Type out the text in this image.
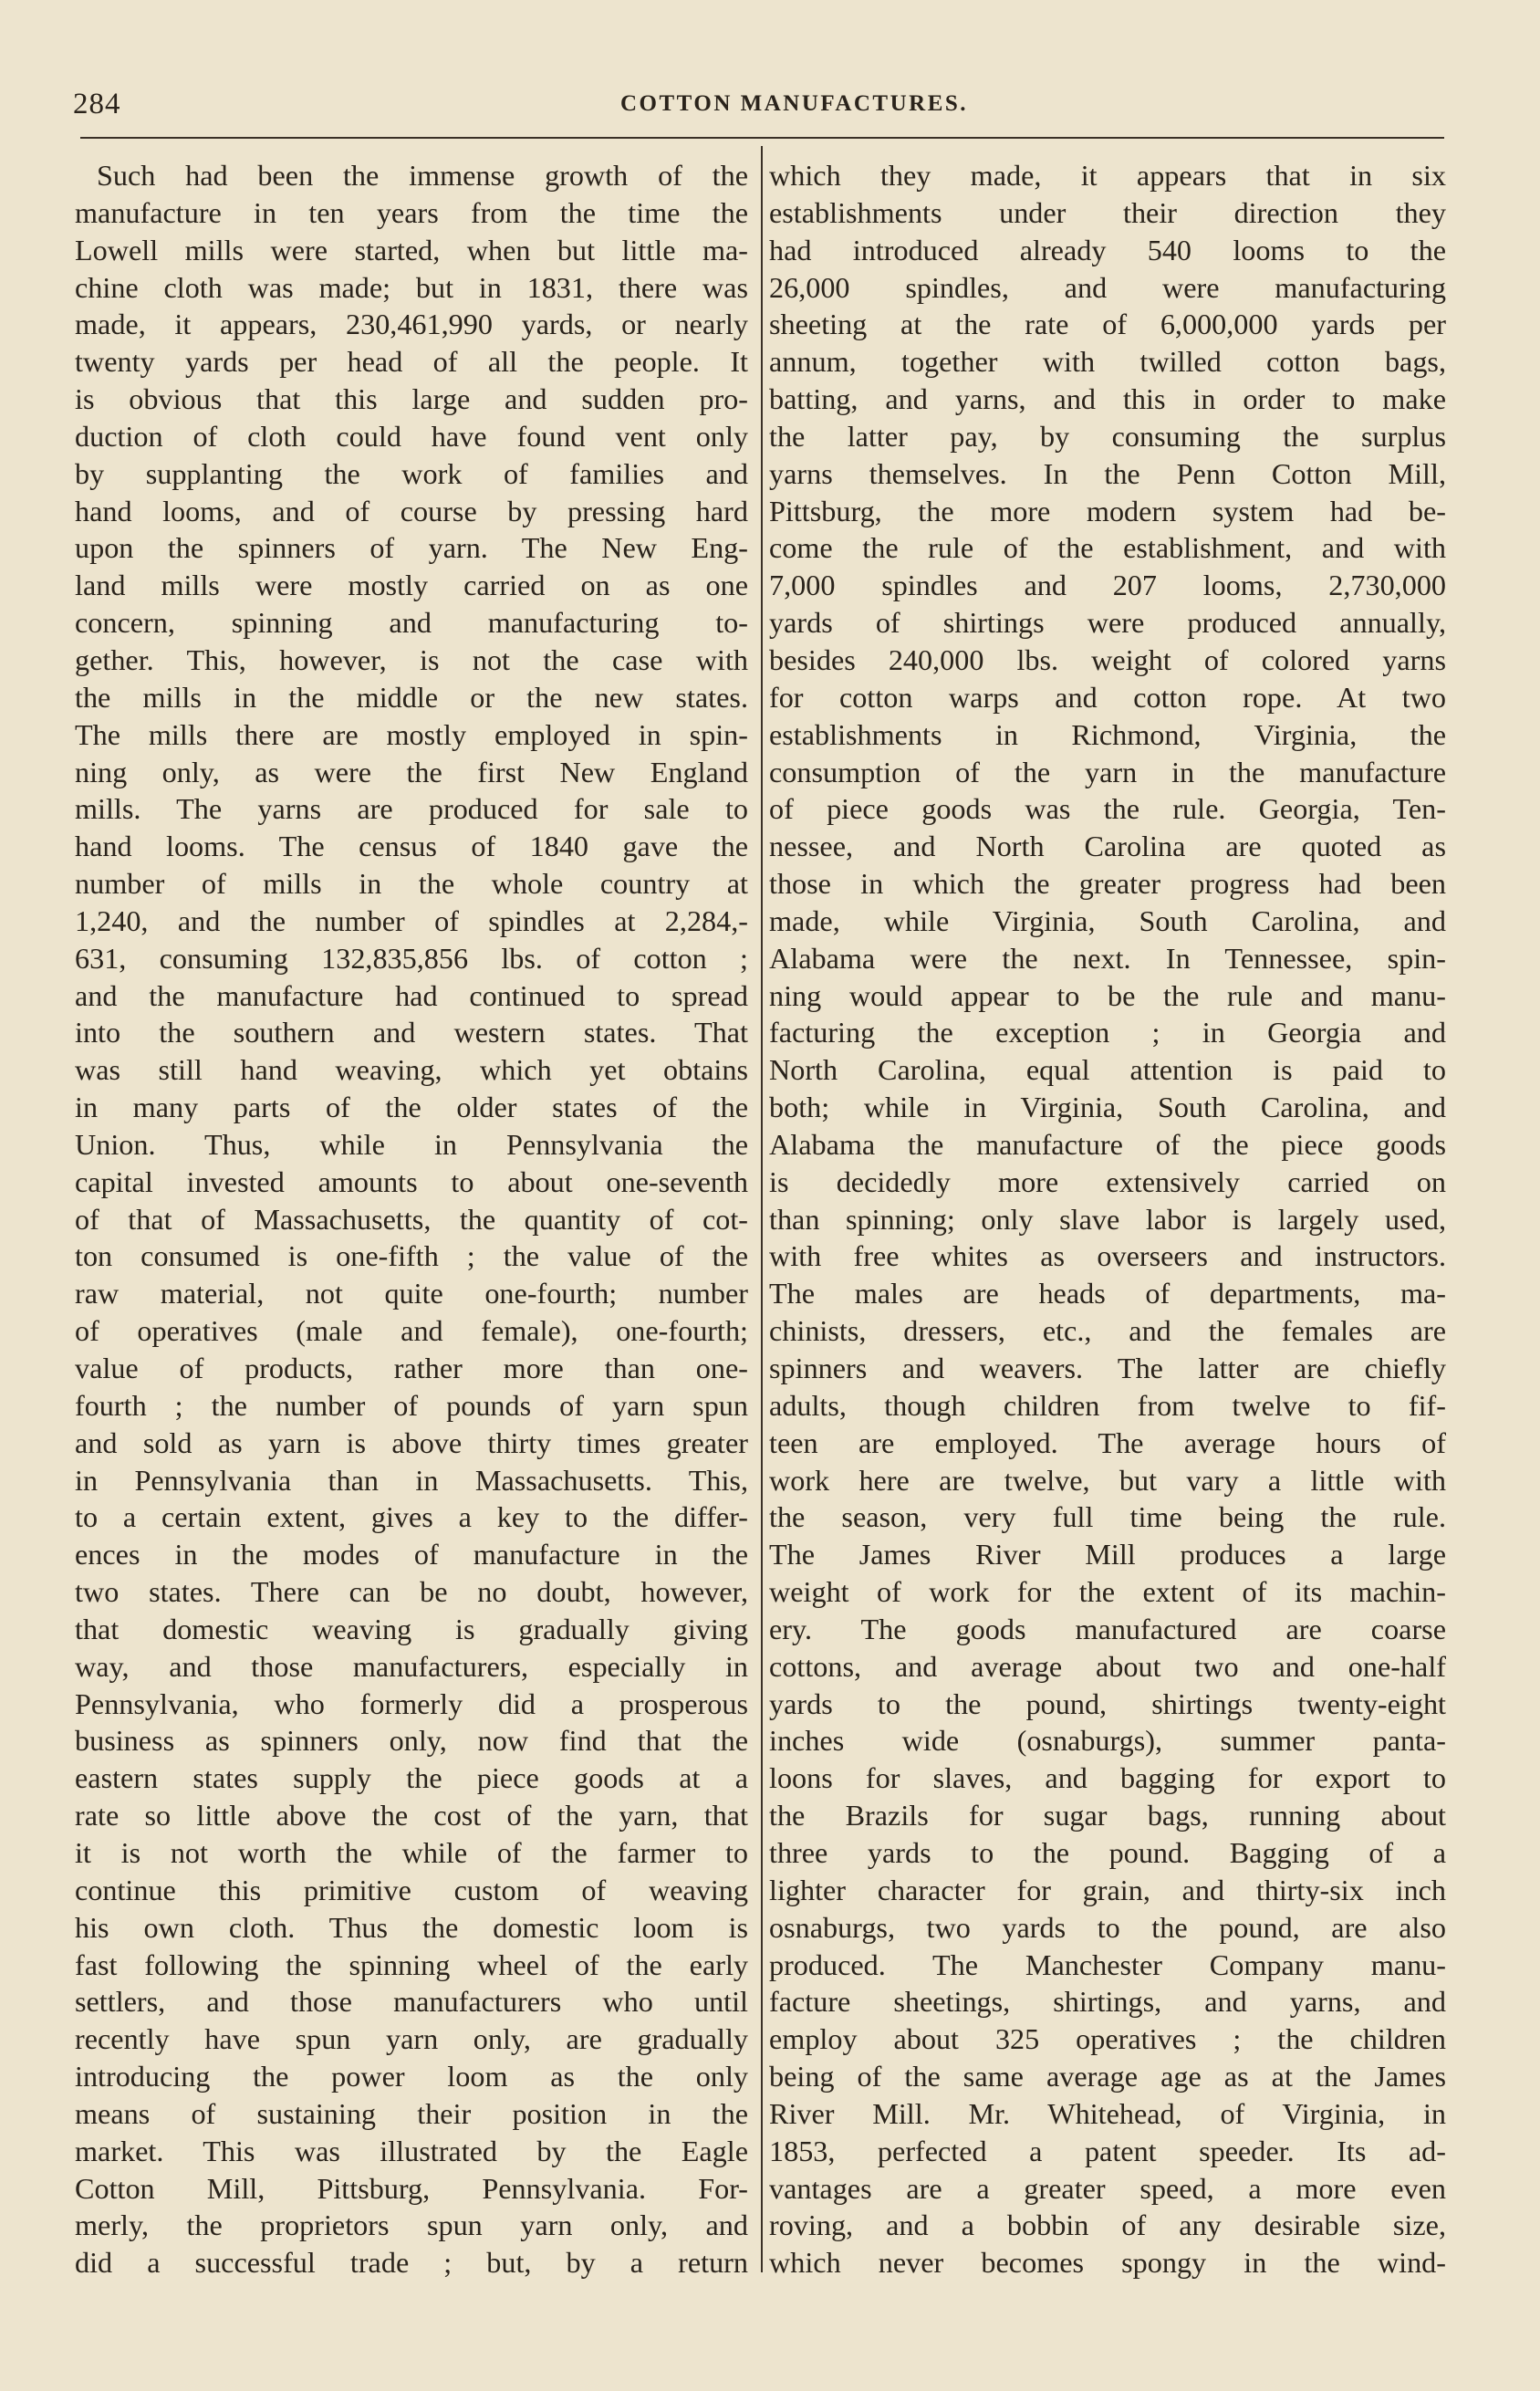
284	COTTON MANUFACTURES.
Such had been the immense growth of the
manufacture in ten years from the time the
Lowell mills were started, when but little ma-
chine cloth was made; but in 1831, there was
made, it appears, 230,461,990 yards, or nearly
twenty yards per head of all the people. It
is obvious that this large and sudden pro-
duction of cloth could have found vent only
by supplanting the work of families and
hand looms, and of course by pressing hard
upon the spinners of yarn. The New Eng-
land mills were mostly carried on as one
concern, spinning and manufacturing to-
gether. This, however, is not the case with
the mills in the middle or the new states.
The mills there are mostly employed in spin-
ning only, as were the first New England
mills. The yarns are produced for sale to
hand looms. The census of 1840 gave the
number of mills in the whole country at
1,240, and the number of spindles at 2,284,-
631, consuming 132,835,856 lbs. of cotton ;
and the manufacture had continued to spread
into the southern and western states. That
was still hand weaving, which yet obtains
in many parts of the older states of the
Union. Thus, while in Pennsylvania the
capital invested amounts to about one-seventh
of that of Massachusetts, the quantity of cot-
ton consumed is one-fifth ; the value of the
raw material, not quite one-fourth; number
of operatives (male and female), one-fourth;
value of products, rather more than one-
fourth ; the number of pounds of yarn spun
and sold as yarn is above thirty times greater
in Pennsylvania than in Massachusetts. This,
to a certain extent, gives a key to the differ-
ences in the modes of manufacture in the
two states. There can be no doubt, however,
that domestic weaving is gradually giving
way, and those manufacturers, especially in
Pennsylvania, who formerly did a prosperous
business as spinners only, now find that the
eastern states supply the piece goods at a
rate so little above the cost of the yarn, that
it is not worth the while of the farmer to
continue this primitive custom of weaving
his own cloth. Thus the domestic loom is
fast following the spinning wheel of the early
settlers, and those manufacturers who until
recently have spun yarn only, are gradually
introducing the power loom as the only
means of sustaining their position in the
market. This was illustrated by the Eagle
Cotton Mill, Pittsburg, Pennsylvania. For-
merly, the proprietors spun yarn only, and
did a successful trade ; but, by a return
which they made, it appears that in six
establishments under their direction they
had introduced already 540 looms to the
26,000 spindles, and were manufacturing
sheeting at the rate of 6,000,000 yards per
annum, together with twilled cotton bags,
batting, and yarns, and this in order to make
the latter pay, by consuming the surplus
yarns themselves. In the Penn Cotton Mill,
Pittsburg, the more modern system had be-
come the rule of the establishment, and with
7,000 spindles and 207 looms, 2,730,000
yards of shirtings were produced annually,
besides 240,000 lbs. weight of colored yarns
for cotton warps and cotton rope. At two
establishments in Richmond, Virginia, the
consumption of the yarn in the manufacture
of piece goods was the rule. Georgia, Ten-
nessee, and North Carolina are quoted as
those in which the greater progress had been
made, while Virginia, South Carolina, and
Alabama were the next. In Tennessee, spin-
ning would appear to be the rule and manu-
facturing the exception ; in Georgia and
North Carolina, equal attention is paid to
both; while in Virginia, South Carolina, and
Alabama the manufacture of the piece goods
is decidedly more extensively carried on
than spinning; only slave labor is largely used,
with free whites as overseers and instructors.
The males are heads of departments, ma-
chinists, dressers, etc., and the females are
spinners and weavers. The latter are chiefly
adults, though children from twelve to fif-
teen are employed. The average hours of
work here are twelve, but vary a little with
the season, very full time being the rule.
The James River Mill produces a large
weight of work for the extent of its machin-
ery. The goods manufactured are coarse
cottons, and average about two and one-half
yards to the pound, shirtings twenty-eight
inches wide (osnaburgs), summer panta-
loons for slaves, and bagging for export to
the Brazils for sugar bags, running about
three yards to the pound. Bagging of a
lighter character for grain, and thirty-six inch
osnaburgs, two yards to the pound, are also
produced. The Manchester Company manu-
facture sheetings, shirtings, and yarns, and
employ about 325 operatives ; the children
being of the same average age as at the James
River Mill. Mr. Whitehead, of Virginia, in
1853, perfected a patent speeder. Its ad-
vantages are a greater speed, a more even
roving, and a bobbin of any desirable size,
which never becomes spongy in the wind-
